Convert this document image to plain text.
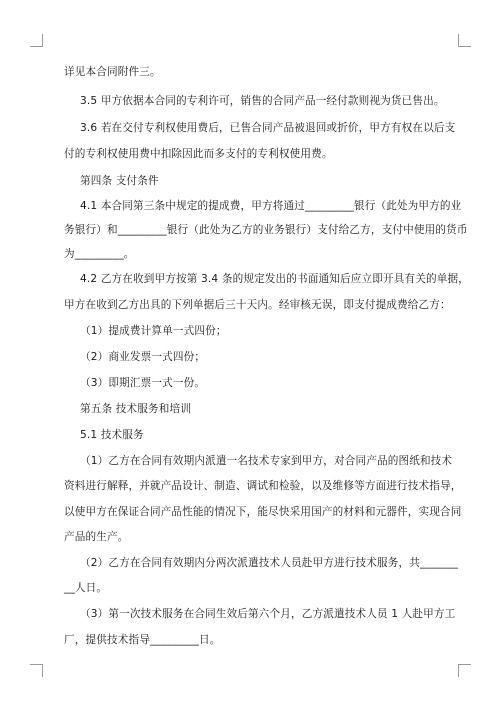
详见本合同附件三。
3.5 甲方依据本合同的专利许可，销售的合同产品一经付款则视为货已售出。
3.6 若在交付专利权使用费后，已售合同产品被退回或折价，甲方有权在以后支
付的专利权使用费中扣除因此而多支付的专利权使用费。
第四条 支付条件
4.1 本合同第三条中规定的提成费，甲方将通过_________银行（此处为甲方的业
务银行）和_________银行（此处为乙方的业务银行）支付给乙方，支付中使用的货币
为_________。
4.2 乙方在收到甲方按第 3.4 条的规定发出的书面通知后应立即开具有关的单据，
甲方在收到乙方出具的下列单据后三十天内。经审核无误，即支付提成费给乙方：
（1）提成费计算单一式四份；
（2）商业发票一式四份；
（3）即期汇票一式一份。
第五条 技术服务和培训
5.1 技术服务
（1）乙方在合同有效期内派遣一名技术专家到甲方，对合同产品的图纸和技术
资料进行解释，并就产品设计、制造、调试和检验，以及维修等方面进行技术指导，
以使甲方在保证合同产品性能的情况下，能尽快采用国产的材料和元器件，实现合同
产品的生产。
（2）乙方在合同有效期内分两次派遣技术人员赴甲方进行技术服务，共_______
__人日。
（3）第一次技术服务在合同生效后第六个月，乙方派遣技术人员 1 人赴甲方工
厂，提供技术指导_________日。
